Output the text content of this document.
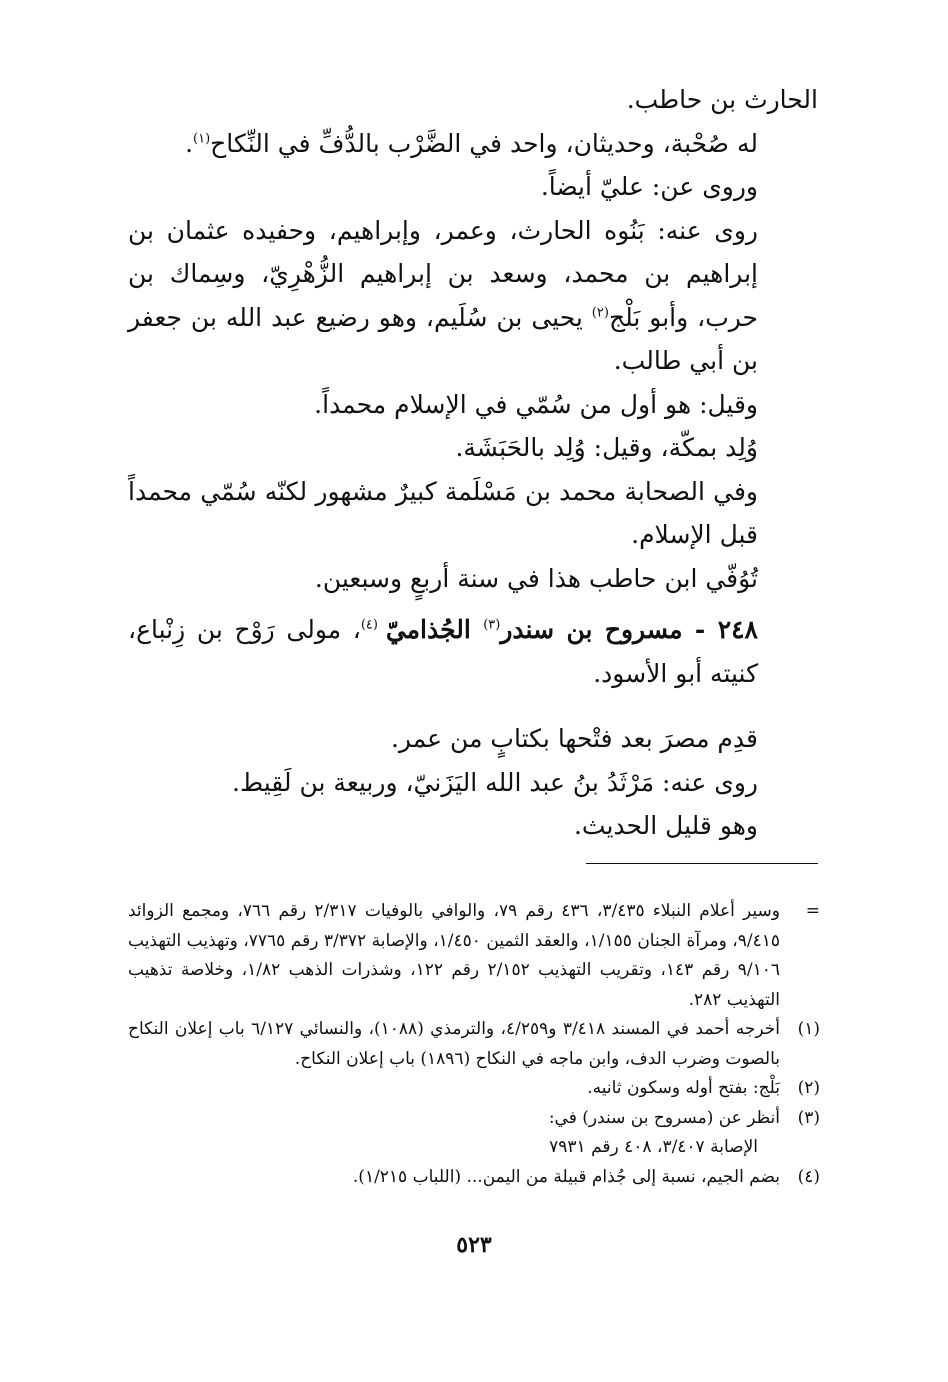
الحارث بن حاطب.

له صُحْبة، وحديثان، واحد في الضَّرْب بالدُّفِّ في النِّكاح$^{(١)}$.

وروى عن: عليّ أيضاً.

روى عنه: بَنُوه الحارث، وعمر، وإبراهيم، وحفيده عثمان بن إبراهيم بن محمد، وسعد بن إبراهيم الزُّهْرِيّ، وسِماك بن حرب، وأبو بَلْج$^{(٢)}$ يحيى بن سُلَيم، وهو رضيع عبد الله بن جعفر بن أبي طالب.

وقيل: هو أول من سُمّي في الإسلام محمداً.

وُلِد بمكّة، وقيل: وُلِد بالحَبَشَة.

وفي الصحابة محمد بن مَسْلَمة كبيرٌ مشهور لكنّه سُمّي محمداً قبل الإسلام.

تُوُفّي ابن حاطب هذا في سنة أربعٍ وسبعين.

٢٤٨ - مسروح بن سندر$^{(٣)}$ الجُذاميّ $^{(٤)}$، مولى رَوْح بن زِنْباع، كنيته أبو الأسود.

قدِم مصرَ بعد فتْحها بكتابٍ من عمر.

روى عنه: مَرْثَدُ بنُ عبد الله اليَزَنيّ، وربيعة بن لَقِيط.

وهو قليل الحديث.

=
وسير أعلام النبلاء ٣/٤٣٥، ٤٣٦ رقم ٧٩، والوافي بالوفيات ٢/٣١٧ رقم ٧٦٦، ومجمع الزوائد ٩/٤١٥، ومرآة الجنان ١/١٥٥، والعقد الثمين ١/٤٥٠، والإصابة ٣/٣٧٢ رقم ٧٧٦٥، وتهذيب التهذيب ٩/١٠٦ رقم ١٤٣، وتقريب التهذيب ٢/١٥٢ رقم ١٢٢، وشذرات الذهب ١/٨٢، وخلاصة تذهيب التهذيب ٢٨٢.
(١)
أخرجه أحمد في المسند ٣/٤١٨ و٤/٢٥٩، والترمذي (١٠٨٨)، والنسائي ٦/١٢٧ باب إعلان النكاح بالصوت وضرب الدف، وابن ماجه في النكاح (١٨٩٦) باب إعلان النكاح.
(٢)
بَلْج: بفتح أوله وسكون ثانيه.
(٣)
أنظر عن (مسروح بن سندر) في:
الإصابة ٣/٤٠٧، ٤٠٨ رقم ٧٩٣١
(٤)
بضم الجيم، نسبة إلى جُذام قبيلة من اليمن... (اللباب ١/٢١٥).
٥٢٣
